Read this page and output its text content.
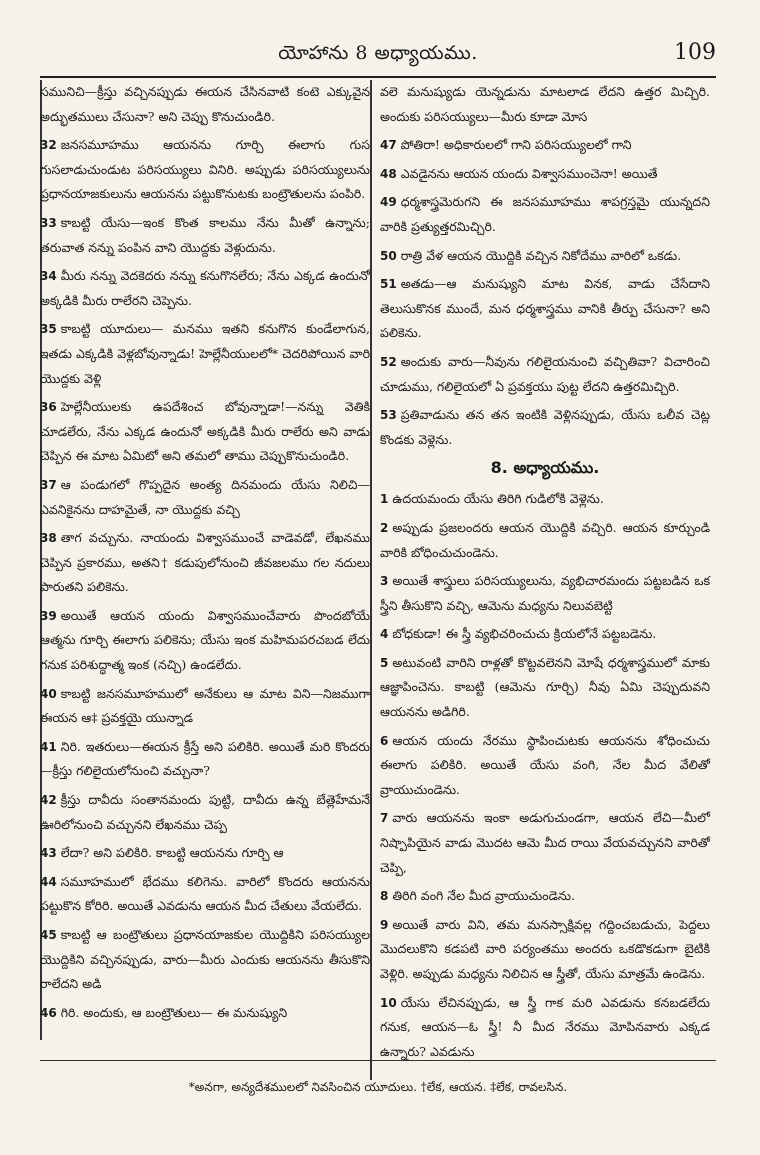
యోహాను 8 అధ్యాయము.	109

సమునిచి—క్రీస్తు వచ్చినప్పుడు ఈయన చేసినవాటి కంటె ఎక్కువైన అద్భుతములు చేసునా? అని చెప్పు కొనుచుండిరి.

32 జనసమూహము ఆయనను గూర్చి ఈలాగు గుస గుసలాడుచుండుట పరిసయ్యులు వినిరి. అప్పుడు పరిసయ్యులును ప్రధానయాజకులును ఆయనను పట్టుకొనుటకు బంట్రౌతులను పంపిరి.

33 కాబట్టి యేసు—ఇంక కొంత కాలము నేను మీతో ఉన్నాను; తరువాత నన్ను పంపిన వాని యొద్దకు వెళ్లుదును.

34 మీరు నన్ను వెదకెదరు నన్ను కనుగొనలేరు; నేను ఎక్కడ ఉందునో అక్కడికి మీరు రాలేరని చెప్పెను.

35 కాబట్టి యూదులు— మనము ఇతని కనుగొన కుండేలాగున, ఇతడు ఎక్కడికి వెళ్లబోవున్నాడు! హెల్లేనీయులలో* చెదరిపోయిన వారి యొద్దకు వెళ్లి

36 హెల్లేనీయులకు ఉపదేశించ బోవున్నాడా!—నన్ను వెతికి చూడలేరు, నేను ఎక్కడ ఉందునో అక్కడికి మీరు రాలేరు అని వాడు చెప్పిన ఈ మాట ఏమిటో అని తమలో తాము చెప్పుకొనుచుండిరి.

37 ఆ పండుగలో గొప్పదైన అంత్య దినమందు యేసు నిలిచి—ఎవనికైనను దాహమైతే, నా యొద్దకు వచ్చి

38 తాగ వచ్చును. నాయందు విశ్వాసముంచే వాడెవడో, లేఖనము చెప్పిన ప్రకారము, అతని† కడుపులోనుంచి జీవజలము గల నదులు పారుతని పలికెను.

39 అయితే ఆయన యందు విశ్వాసముంచేవారు పొందబోయే ఆత్మను గూర్చి ఈలాగు పలికెను; యేసు ఇంక మహిమపరచబడ లేదు గనుక పరిశుద్ధాత్మ ఇంక (నచ్చి) ఉండలేదు.

40 కాబట్టి జనసమూహములో అనేకులు ఆ మాట విని—నిజముగా ఈయన ఆ‡ ప్రవక్తయై యున్నాడ

41 నిరి. ఇతరులు—ఈయన క్రీస్తే అని పలికిరి. అయితే మరి కొందరు—క్రీస్తు గలిలైయలోనుంచి వచ్చునా?

42 క్రీస్తు దావీదు సంతానమందు పుట్టి, దావీదు ఉన్న బేత్లెహేమనే ఊరిలోనుంచి వచ్చునని లేఖనము చెప్ప

43 లేదా? అని పలికిరి. కాబట్టి ఆయనను గూర్చి ఆ

44 సమూహములో భేదము కలిగెను. వారిలో కొందరు ఆయనను పట్టుకొన కోరిరి. అయితే ఎవడును ఆయన మీద చేతులు వేయలేదు.

45 కాబట్టి ఆ బంట్రౌతులు ప్రధానయాజకుల యొద్దికిని పరిసయ్యుల యొద్దికిని వచ్చినప్పుడు, వారు—మీరు ఎందుకు ఆయనను తీసుకొని రాలేదని అడి

46 గిరి. అందుకు, ఆ బంట్రౌతులు— ఈ మనుష్యుని

వలె మనుష్యుడు యెన్నడును మాటలాడ లేదని ఉత్తర మిచ్చిరి. అందుకు పరిసయ్యులు—మీరు కూడా మోస

47 పోతిరా! అధికారులలో గాని పరిసయ్యులలో గాని

48 ఎవడైనను ఆయన యందు విశ్వాసముంచెనా! అయితే

49 ధర్మశాస్త్రమెరుగని ఈ జనసమూహము శాపగ్రస్తమై యున్నదని వారికి ప్రత్యుత్తరమిచ్చిరి.

50 రాత్రి వేళ ఆయన యొద్దికి వచ్చిన నికోదేము వారిలో ఒకడు.

51 అతడు—ఆ మనుష్యుని మాట వినక, వాడు చేసేదాని తెలుసుకొనక ముందే, మన ధర్మశాస్త్రము వానికి తీర్పు చేసునా? అని పలికెను.

52 అందుకు వారు—నీవును గలిలైయనుంచి వచ్చితివా? విచారించి చూడుము, గలిలైయలో ఏ ప్రవక్తయు పుట్ట లేదని ఉత్తరమిచ్చిరి.

53 ప్రతివాడును తన తన ఇంటికి వెళ్లినప్పుడు, యేసు ఒలీవ చెట్ల కొండకు వెళ్లెను.

8. అధ్యాయము.

1 ఉదయమందు యేసు తిరిగి గుడిలోకి వెళ్లెను.

2 అప్పుడు ప్రజలందరు ఆయన యొద్దికి వచ్చిరి. ఆయన కూర్చుండి వారికి బోధించుచుండెను.

3 అయితే శాస్త్రులు పరిసయ్యులును, వ్యభిచారమందు పట్టబడిన ఒక స్త్రీని తీసుకొని వచ్చి, ఆమెను మధ్యను నిలువబెట్టి

4 బోధకుడా! ఈ స్త్రీ వ్యభిచరించుచు క్రియలోనే పట్టబడెను.

5 అటువంటి వారిని రాళ్లతో కొట్టవలెనని మోషే ధర్మశాస్త్రములో మాకు ఆజ్ఞాపించెను. కాబట్టి (ఆమెను గూర్చి) నీవు ఏమి చెప్పుదువని ఆయనను అడిగిరి.

6 ఆయన యందు నేరము స్థాపించుటకు ఆయనను శోధించుచు ఈలాగు పలికిరి. అయితే యేసు వంగి, నేల మీద వేలితో వ్రాయుచుండెను.

7 వారు ఆయనను ఇంకా అడుగుచుండగా, ఆయన లేచి—మీలో నిష్పాపియైన వాడు మొదట ఆమె మీద రాయి వేయవచ్చునని వారితో చెప్పి,

8 తిరిగి వంగి నేల మీద వ్రాయుచుండెను.

9 అయితే వారు విని, తమ మనస్సాక్షివల్ల గద్దించబడుచు, పెద్దలు మొదలుకొని కడపటి వారి పర్యంతము అందరు ఒకడొకడుగా బైటికి వెళ్లిరి. అప్పుడు మధ్యను నిలిచిన ఆ స్త్రీతో, యేసు మాత్రమే ఉండెను.

10 యేసు లేచినప్పుడు, ఆ స్త్రీ గాక మరి ఎవడును కనబడలేదు గనుక, ఆయన—ఓ స్త్రీ! నీ మీద నేరము మోపినవారు ఎక్కడ ఉన్నారు? ఎవడును

*అనగా, అన్యదేశములలో నివసించిన యూదులు. †లేక, ఆయన. ‡లేక, రావలసిన.
